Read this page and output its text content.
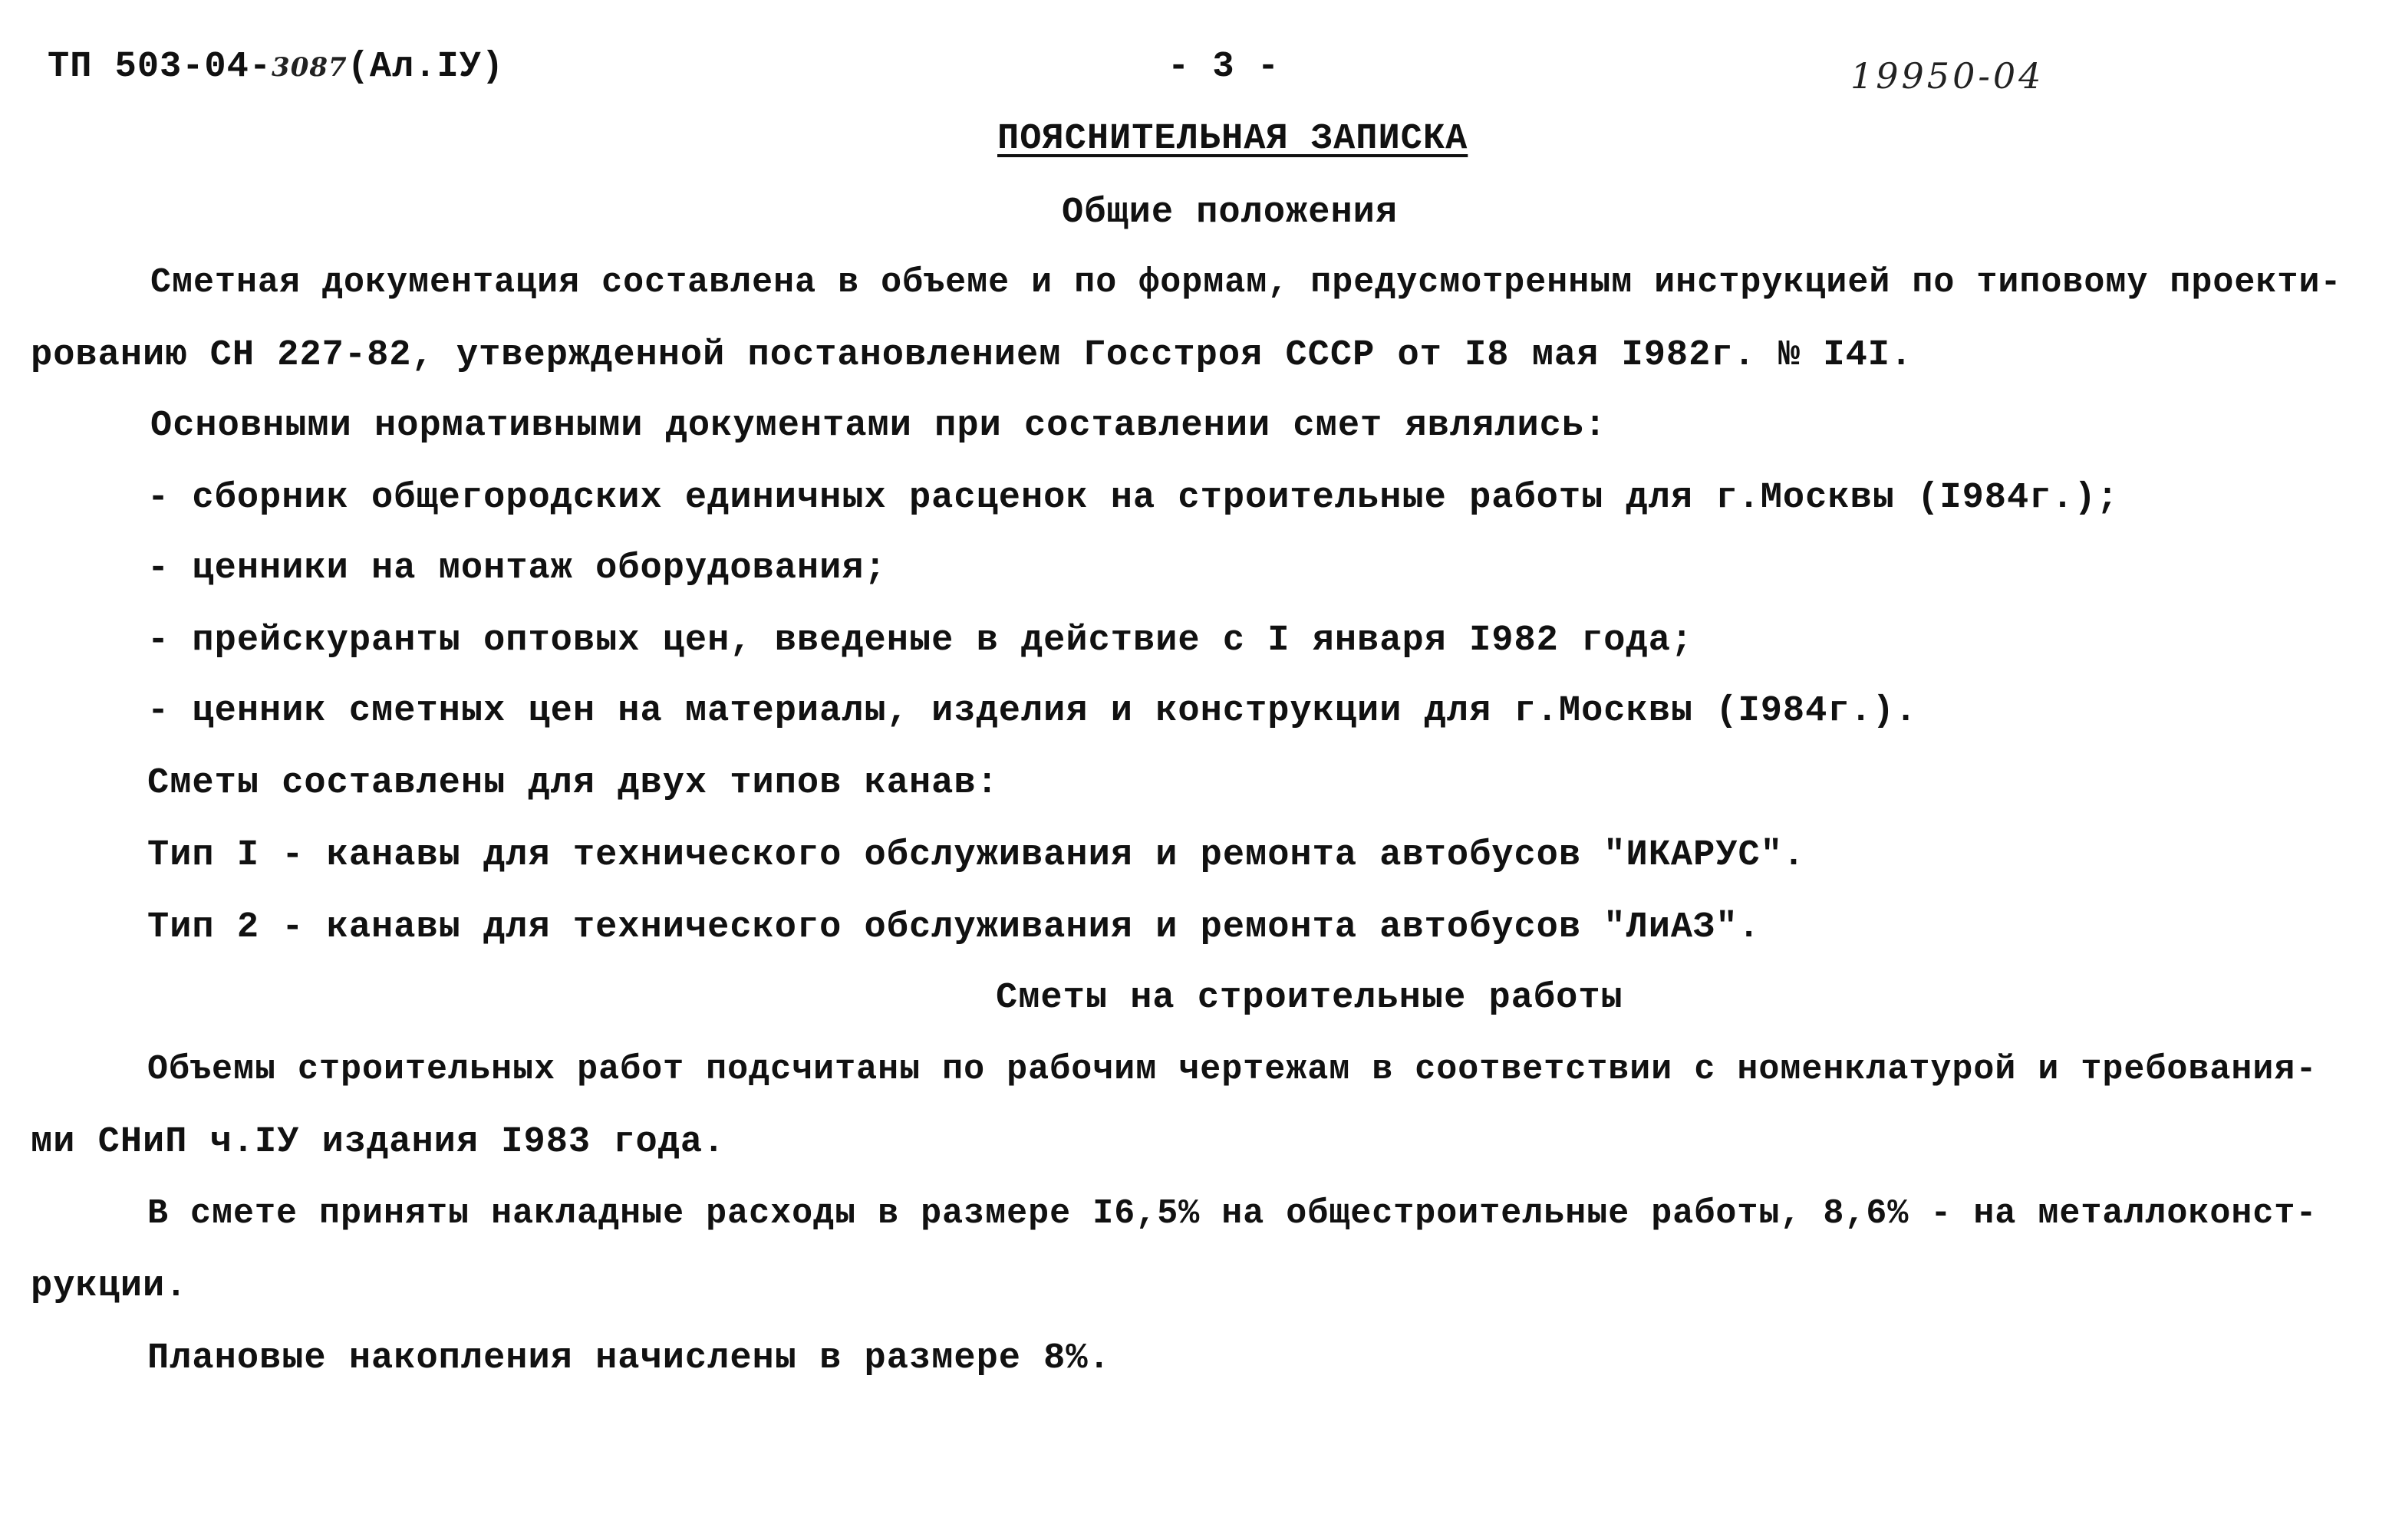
ТП 503-04-3087(Ал.IУ)	- 3 -	19950-04
ПОЯСНИТЕЛЬНАЯ ЗАПИСКА
Общие положения
Сметная документация составлена в объеме и по формам, предусмотренным инструкцией по типовому проекти-
рованию СН 227-82, утвержденной постановлением Госстроя СССР от I8 мая I982г. № I4I.
Основными нормативными документами при составлении смет являлись:
- сборник общегородских единичных расценок на строительные работы для г.Москвы (I984г.);
- ценники на монтаж оборудования;
- прейскуранты оптовых цен, введеные в действие с I января I982 года;
- ценник сметных цен на материалы, изделия и конструкции для г.Москвы (I984г.).
Сметы составлены для двух типов канав:
Тип I - канавы для технического обслуживания и ремонта автобусов "ИКАРУС".
Тип 2 - канавы для технического обслуживания и ремонта автобусов "ЛиАЗ".
Сметы на строительные работы
Объемы строительных работ подсчитаны по рабочим чертежам в соответствии с номенклатурой и требования-
ми СНиП ч.IУ издания I983 года.
В смете приняты накладные расходы в размере I6,5% на общестроительные работы, 8,6% - на металлоконст-
рукции.
Плановые накопления начислены в размере 8%.
